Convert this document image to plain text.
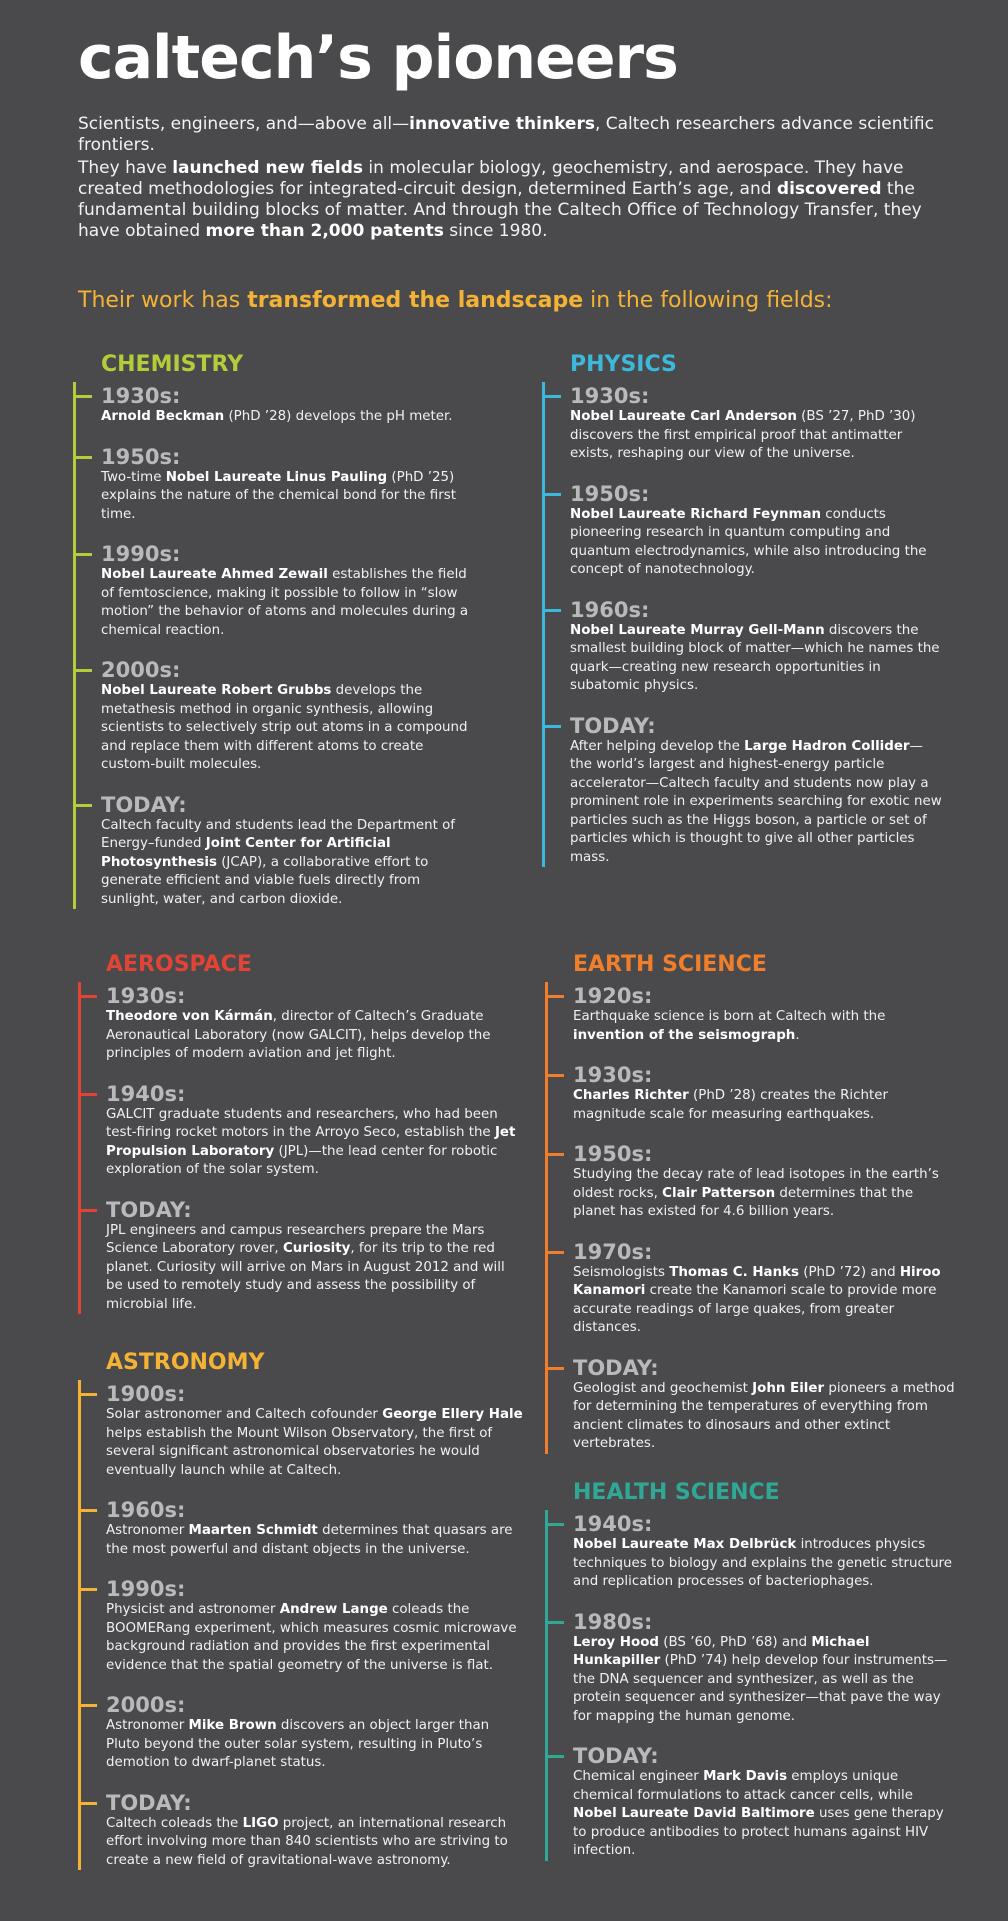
caltech’s pioneers

Scientists, engineers, and—above all—innovative thinkers, Caltech researchers advance scientific frontiers.

They have launched new fields in molecular biology, geochemistry, and aerospace. They have created methodologies for integrated-circuit design, determined Earth’s age, and discovered the fundamental building blocks of matter. And through the Caltech Office of Technology Transfer, they have obtained more than 2,000 patents since 1980.

Their work has transformed the landscape in the following fields:

CHEMISTRY
1930s:
Arnold Beckman (PhD ’28) develops the pH meter.
1950s:
Two-time Nobel Laureate Linus Pauling (PhD ’25) explains the nature of the chemical bond for the first time.
1990s:
Nobel Laureate Ahmed Zewail establishes the field of femtoscience, making it possible to follow in “slow motion” the behavior of atoms and molecules during a chemical reaction.
2000s:
Nobel Laureate Robert Grubbs develops the metathesis method in organic synthesis, allowing scientists to selectively strip out atoms in a compound and replace them with different atoms to create custom-built molecules.
TODAY:
Caltech faculty and students lead the Department of Energy–funded Joint Center for Artificial Photosynthesis (JCAP), a collaborative effort to generate efficient and viable fuels directly from sunlight, water, and carbon dioxide.
PHYSICS
1930s:
Nobel Laureate Carl Anderson (BS ’27, PhD ’30) discovers the first empirical proof that antimatter exists, reshaping our view of the universe.
1950s:
Nobel Laureate Richard Feynman conducts pioneering research in quantum computing and quantum electrodynamics, while also introducing the concept of nanotechnology.
1960s:
Nobel Laureate Murray Gell-Mann discovers the smallest building block of matter—which he names the quark—creating new research opportunities in subatomic physics.
TODAY:
After helping develop the Large Hadron Collider—the world’s largest and highest-energy particle accelerator—Caltech faculty and students now play a prominent role in experiments searching for exotic new particles such as the Higgs boson, a particle or set of particles which is thought to give all other particles mass.
AEROSPACE
1930s:
Theodore von Kármán, director of Caltech’s Graduate Aeronautical Laboratory (now GALCIT), helps develop the principles of modern aviation and jet flight.
1940s:
GALCIT graduate students and researchers, who had been test-firing rocket motors in the Arroyo Seco, establish the Jet Propulsion Laboratory (JPL)—the lead center for robotic exploration of the solar system.
TODAY:
JPL engineers and campus researchers prepare the Mars Science Laboratory rover, Curiosity, for its trip to the red planet. Curiosity will arrive on Mars in August 2012 and will be used to remotely study and assess the possibility of microbial life.
ASTRONOMY
1900s:
Solar astronomer and Caltech cofounder George Ellery Hale helps establish the Mount Wilson Observatory, the first of several significant astronomical observatories he would eventually launch while at Caltech.
1960s:
Astronomer Maarten Schmidt determines that quasars are the most powerful and distant objects in the universe.
1990s:
Physicist and astronomer Andrew Lange coleads the BOOMERang experiment, which measures cosmic microwave background radiation and provides the first experimental evidence that the spatial geometry of the universe is flat.
2000s:
Astronomer Mike Brown discovers an object larger than Pluto beyond the outer solar system, resulting in Pluto’s demotion to dwarf-planet status.
TODAY:
Caltech coleads the LIGO project, an international research effort involving more than 840 scientists who are striving to create a new field of gravitational-wave astronomy.
EARTH SCIENCE
1920s:
Earthquake science is born at Caltech with the invention of the seismograph.
1930s:
Charles Richter (PhD ’28) creates the Richter magnitude scale for measuring earthquakes.
1950s:
Studying the decay rate of lead isotopes in the earth’s oldest rocks, Clair Patterson determines that the planet has existed for 4.6 billion years.
1970s:
Seismologists Thomas C. Hanks (PhD ’72) and Hiroo Kanamori create the Kanamori scale to provide more accurate readings of large quakes, from greater distances.
TODAY:
Geologist and geochemist John Eiler pioneers a method for determining the temperatures of everything from ancient climates to dinosaurs and other extinct vertebrates.
HEALTH SCIENCE
1940s:
Nobel Laureate Max Delbrück introduces physics techniques to biology and explains the genetic structure and replication processes of bacteriophages.
1980s:
Leroy Hood (BS ’60, PhD ’68) and Michael Hunkapiller (PhD ’74) help develop four instruments—the DNA sequencer and synthesizer, as well as the protein sequencer and synthesizer—that pave the way for mapping the human genome.
TODAY:
Chemical engineer Mark Davis employs unique chemical formulations to attack cancer cells, while Nobel Laureate David Baltimore uses gene therapy to produce antibodies to protect humans against HIV infection.
